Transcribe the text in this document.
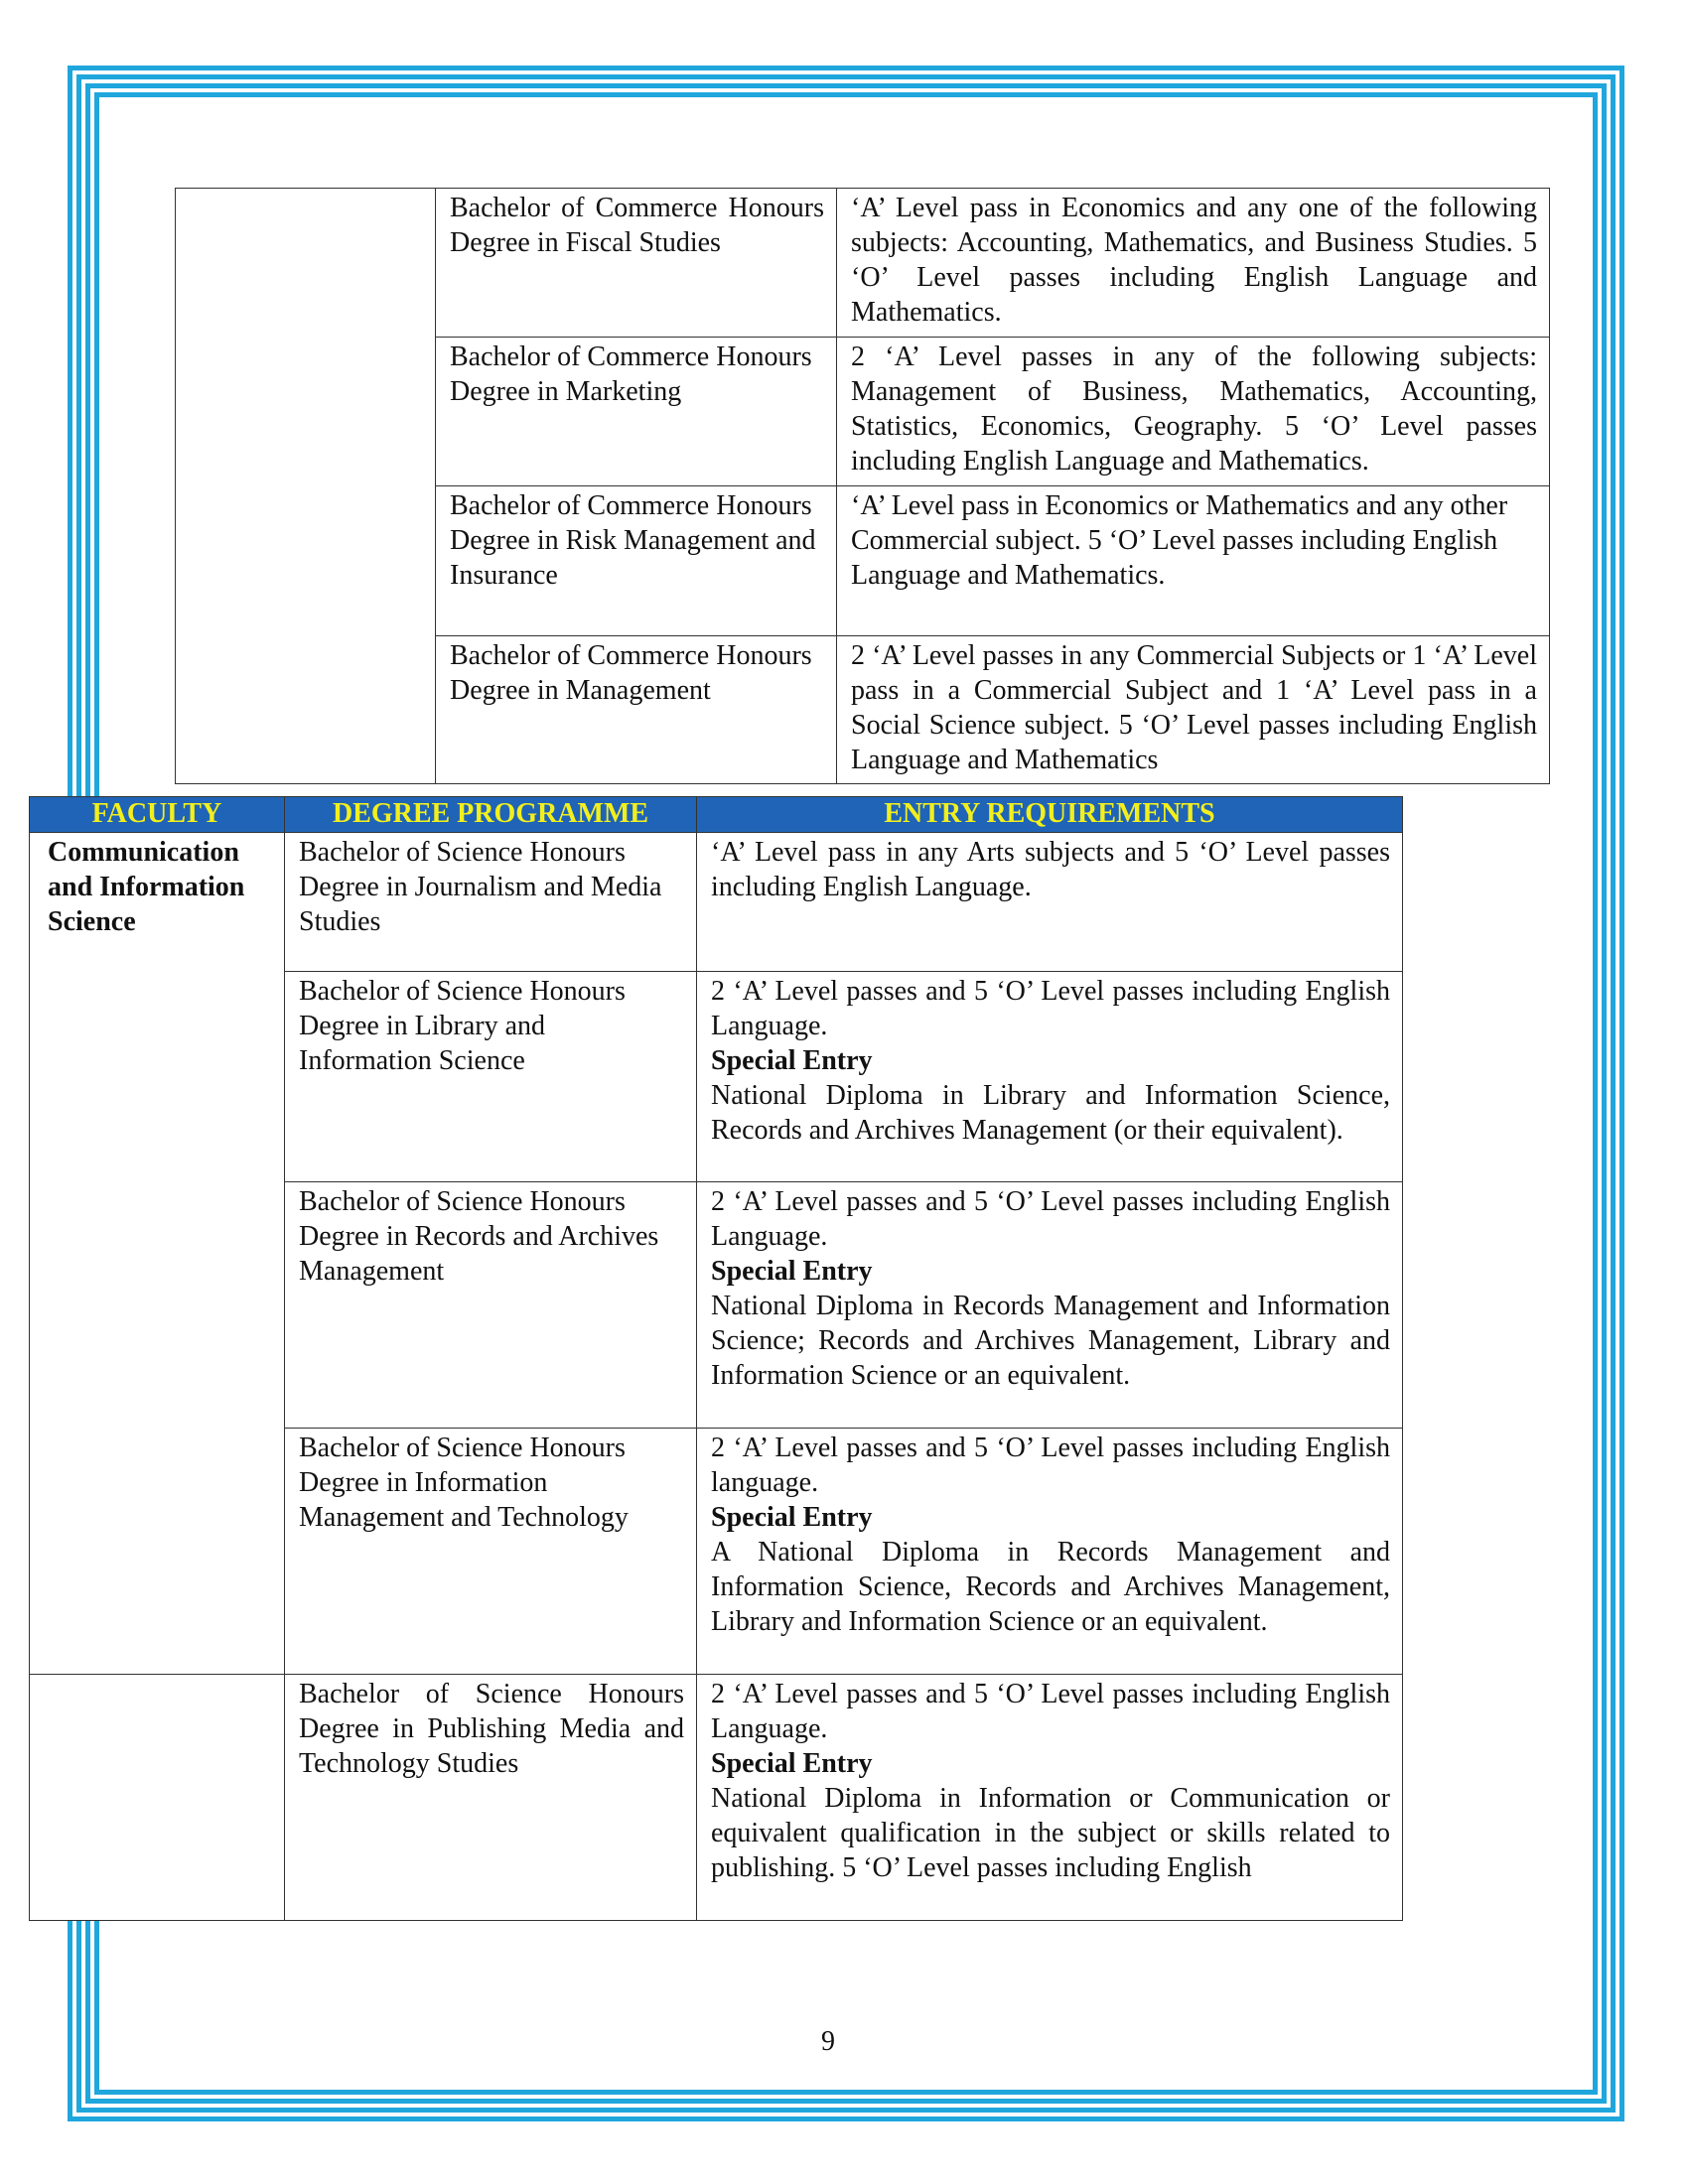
	Bachelor of Commerce Honours Degree in Fiscal Studies	‘A’ Level pass in Economics and any one of the following subjects: Accounting, Mathematics, and Business Studies. 5 ‘O’ Level passes including English Language and Mathematics.
	Bachelor of Commerce Honours Degree in Marketing	2 ‘A’ Level passes in any of the following subjects: Management of Business, Mathematics, Accounting, Statistics, Economics, Geography. 5 ‘O’ Level passes including English Language and Mathematics.
	Bachelor of Commerce Honours Degree in Risk Management and Insurance	‘A’ Level pass in Economics or Mathematics and any other Commercial subject. 5 ‘O’ Level passes including English Language and Mathematics.
	Bachelor of Commerce Honours Degree in Management	2 ‘A’ Level passes in any Commercial Subjects or 1 ‘A’ Level pass in a Commercial Subject and 1 ‘A’ Level pass in a Social Science subject. 5 ‘O’ Level passes including English Language and Mathematics
FACULTY	DEGREE PROGRAMME	ENTRY REQUIREMENTS
Communication and Information Science	Bachelor of Science Honours Degree in Journalism and Media Studies	‘A’ Level pass in any Arts subjects and 5 ‘O’ Level passes including English Language.
	Bachelor of Science Honours Degree in Library and Information Science	2 ‘A’ Level passes and 5 ‘O’ Level passes including English Language.
Special Entry
National Diploma in Library and Information Science, Records and Archives Management (or their equivalent).

	Bachelor of Science Honours Degree in Records and Archives Management	2 ‘A’ Level passes and 5 ‘O’ Level passes including English Language.
Special Entry
National Diploma in Records Management and Information Science; Records and Archives Management, Library and Information Science or an equivalent.

	Bachelor of Science Honours Degree in Information Management and Technology	2 ‘A’ Level passes and 5 ‘O’ Level passes including English language.
Special Entry
A National Diploma in Records Management and Information Science, Records and Archives Management, Library and Information Science or an equivalent.

	Bachelor of Science Honours Degree in Publishing Media and Technology Studies	2 ‘A’ Level passes and 5 ‘O’ Level passes including English Language.
Special Entry
National Diploma in Information or Communication or equivalent qualification in the subject or skills related to publishing. 5 ‘O’ Level passes including English
9
